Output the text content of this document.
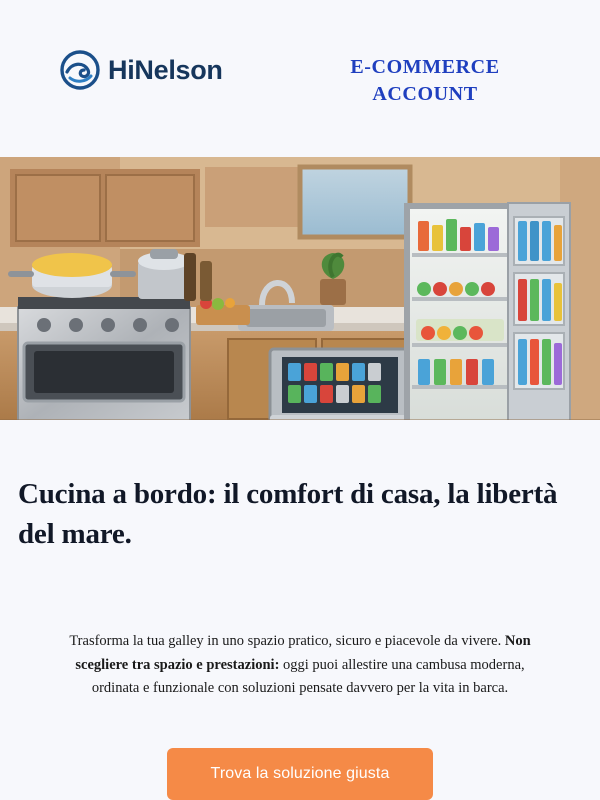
HiNelson	E-COMMERCE
ACCOUNT
Cucina a bordo: il comfort di casa, la libertà del mare.

Trasforma la tua galley in uno spazio pratico, sicuro e piacevole da vivere. Non scegliere tra spazio e prestazioni: oggi puoi allestire una cambusa moderna, ordinata e funzionale con soluzioni pensate davvero per la vita in barca.

Trova la soluzione giusta
